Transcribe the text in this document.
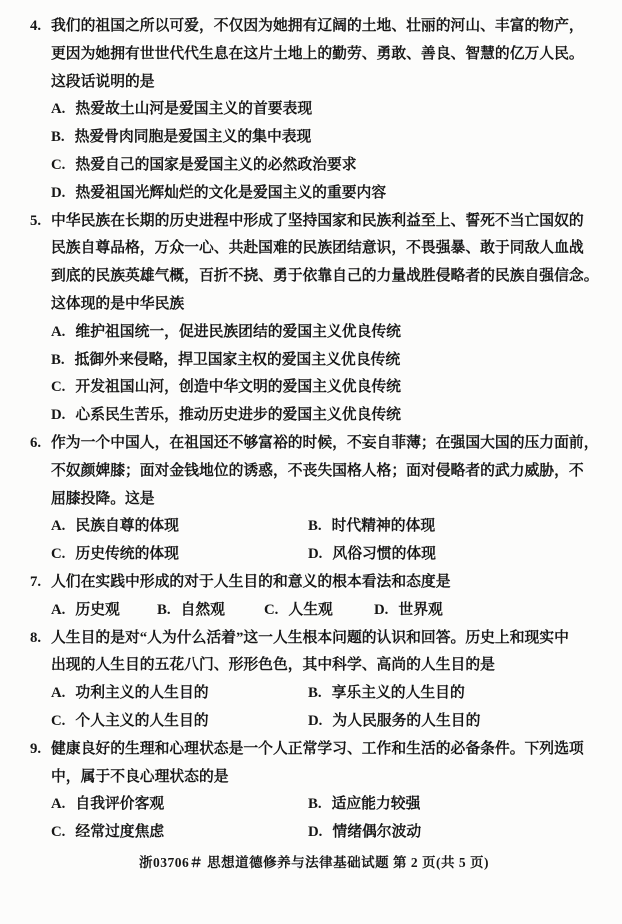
4. 我们的祖国之所以可爱，不仅因为她拥有辽阔的土地、壮丽的河山、丰富的物产，
更因为她拥有世世代代生息在这片土地上的勤劳、勇敢、善良、智慧的亿万人民。
这段话说明的是
A. 热爱故土山河是爱国主义的首要表现
B. 热爱骨肉同胞是爱国主义的集中表现
C. 热爱自己的国家是爱国主义的必然政治要求
D. 热爱祖国光辉灿烂的文化是爱国主义的重要内容
5. 中华民族在长期的历史进程中形成了坚持国家和民族利益至上、誓死不当亡国奴的
民族自尊品格，万众一心、共赴国难的民族团结意识，不畏强暴、敢于同敌人血战
到底的民族英雄气概，百折不挠、勇于依靠自己的力量战胜侵略者的民族自强信念。
这体现的是中华民族
A. 维护祖国统一，促进民族团结的爱国主义优良传统
B. 抵御外来侵略，捍卫国家主权的爱国主义优良传统
C. 开发祖国山河，创造中华文明的爱国主义优良传统
D. 心系民生苦乐，推动历史进步的爱国主义优良传统
6. 作为一个中国人，在祖国还不够富裕的时候，不妄自菲薄；在强国大国的压力面前，
不奴颜婢膝；面对金钱地位的诱惑，不丧失国格人格；面对侵略者的武力威胁，不
屈膝投降。这是
A. 民族自尊的体现	B. 时代精神的体现
C. 历史传统的体现	D. 风俗习惯的体现
7. 人们在实践中形成的对于人生目的和意义的根本看法和态度是
A. 历史观	B. 自然观	C. 人生观	D. 世界观
8. 人生目的是对“人为什么活着”这一人生根本问题的认识和回答。历史上和现实中
出现的人生目的五花八门、形形色色，其中科学、高尚的人生目的是
A. 功利主义的人生目的	B. 享乐主义的人生目的
C. 个人主义的人生目的	D. 为人民服务的人生目的
9. 健康良好的生理和心理状态是一个人正常学习、工作和生活的必备条件。下列选项
中，属于不良心理状态的是
A. 自我评价客观	B. 适应能力较强
C. 经常过度焦虑	D. 情绪偶尔波动
浙03706＃ 思想道德修养与法律基础试题 第 2 页(共 5 页)
